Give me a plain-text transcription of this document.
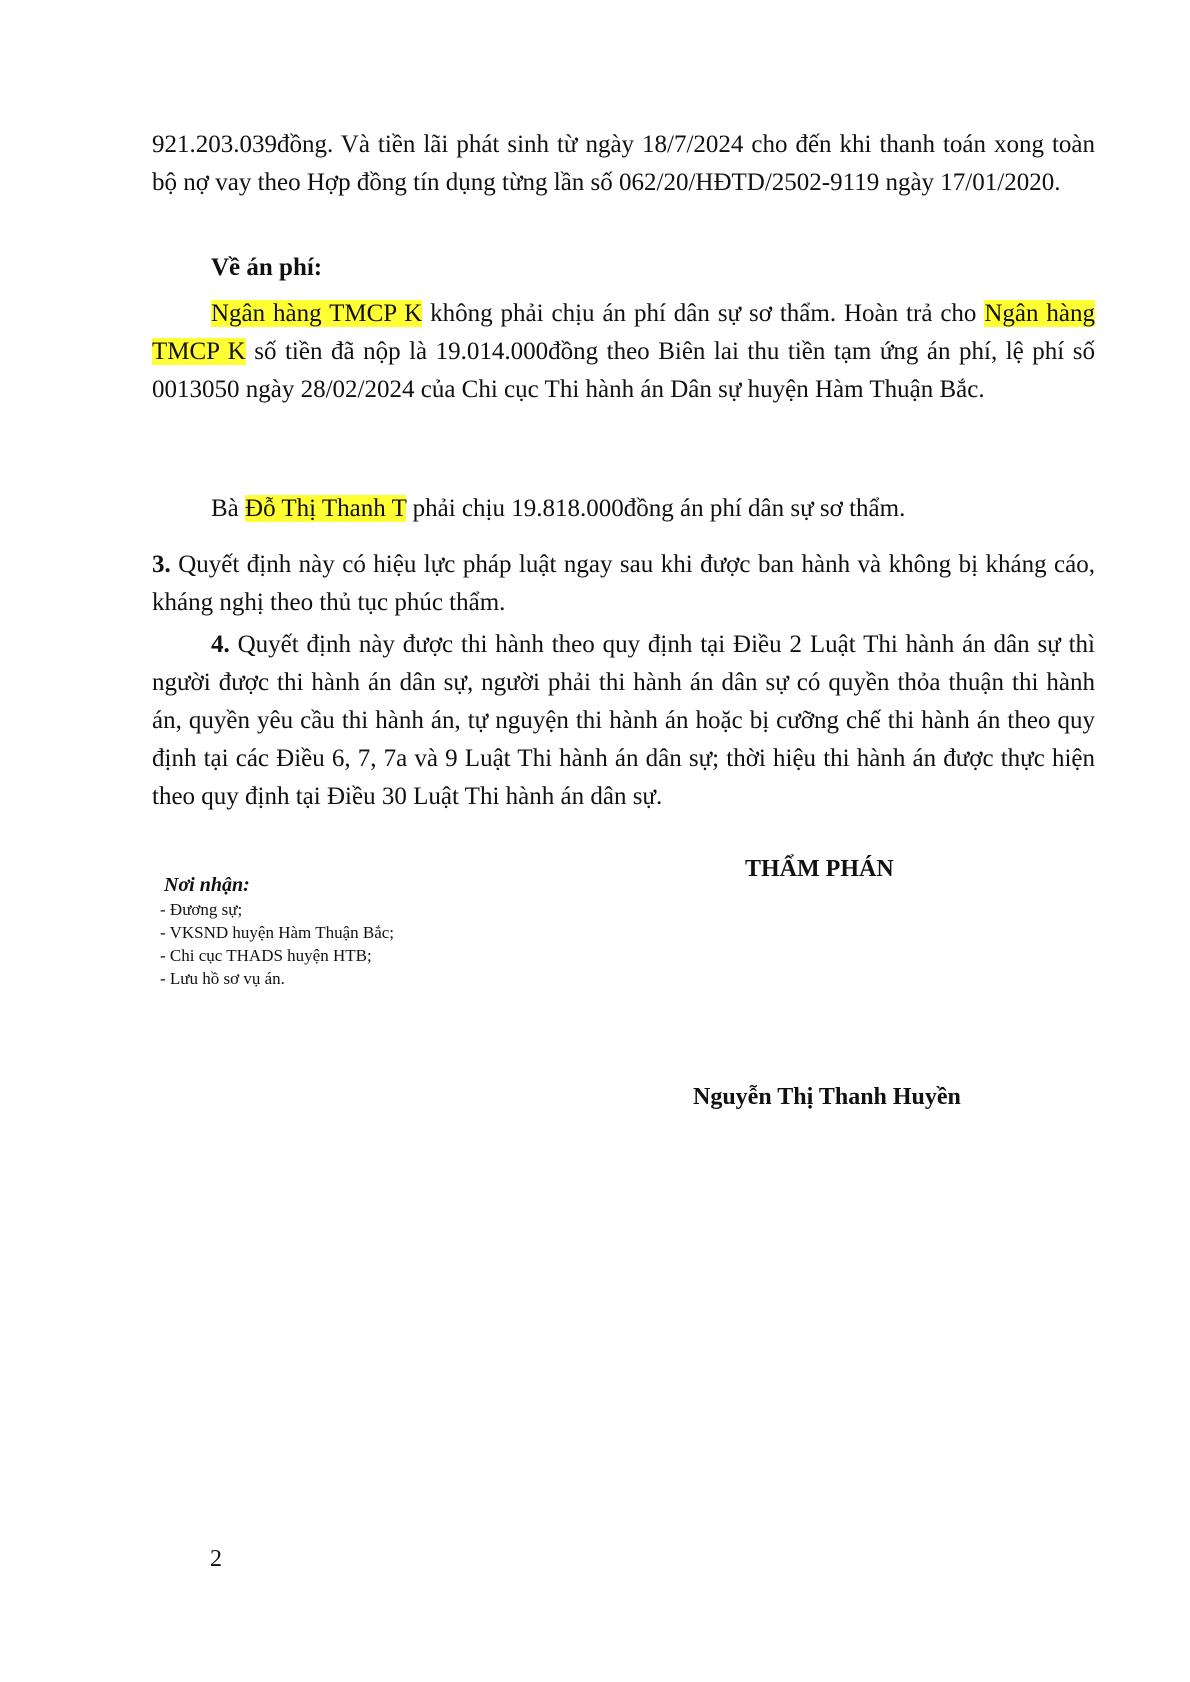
921.203.039đồng. Và tiền lãi phát sinh từ ngày 18/7/2024 cho đến khi thanh toán xong toàn bộ nợ vay theo Hợp đồng tín dụng từng lần số 062/20/HĐTD/2502-9119 ngày 17/01/2020.

Về án phí:

Ngân hàng TMCP K không phải chịu án phí dân sự sơ thẩm. Hoàn trả cho Ngân hàng TMCP K số tiền đã nộp là 19.014.000đồng theo Biên lai thu tiền tạm ứng án phí, lệ phí số 0013050 ngày 28/02/2024 của Chi cục Thi hành án Dân sự huyện Hàm Thuận Bắc.

Bà Đỗ Thị Thanh T phải chịu 19.818.000đồng án phí dân sự sơ thẩm.

3. Quyết định này có hiệu lực pháp luật ngay sau khi được ban hành và không bị kháng cáo, kháng nghị theo thủ tục phúc thẩm.

4. Quyết định này được thi hành theo quy định tại Điều 2 Luật Thi hành án dân sự thì người được thi hành án dân sự, người phải thi hành án dân sự có quyền thỏa thuận thi hành án, quyền yêu cầu thi hành án, tự nguyện thi hành án hoặc bị cưỡng chế thi hành án theo quy định tại các Điều 6, 7, 7a và 9 Luật Thi hành án dân sự; thời hiệu thi hành án được thực hiện theo quy định tại Điều 30 Luật Thi hành án dân sự.

THẨM PHÁN
Nơi nhận:
- Đương sự;
- VKSND huyện Hàm Thuận Bắc;
- Chi cục THADS huyện HTB;
- Lưu hồ sơ vụ án.
Nguyễn Thị Thanh Huyền
2
